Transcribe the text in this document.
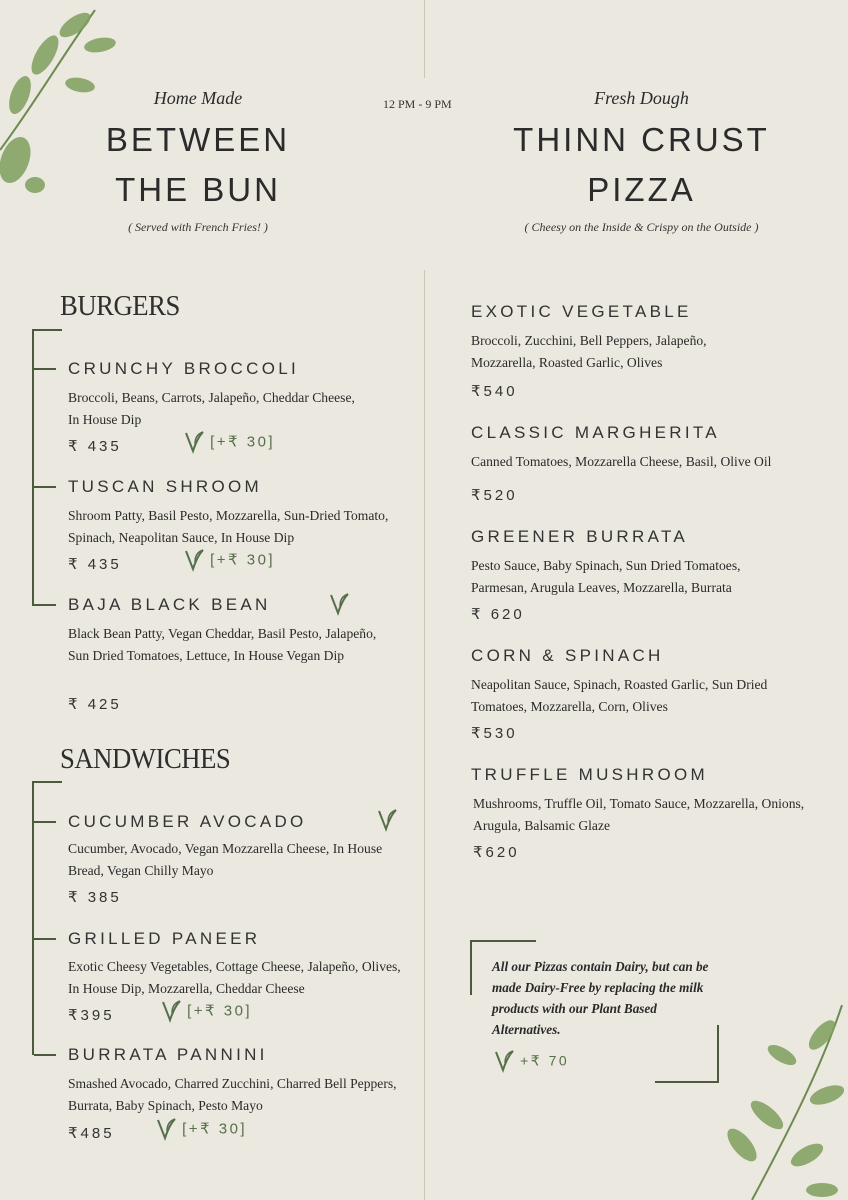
Home Made
BETWEEN
THE BUN
( Served with French Fries! )
12 PM - 9 PM	Fresh Dough
THINN CRUST
PIZZA
( Cheesy on the Inside & Crispy on the Outside )
BURGERS
CRUNCHY BROCCOLI
Broccoli, Beans, Carrots, Jalapeño, Cheddar Cheese, In House Dip
₹ 435	[+₹ 30]
TUSCAN SHROOM
Shroom Patty, Basil Pesto, Mozzarella, Sun-Dried Tomato, Spinach, Neapolitan Sauce, In House Dip
₹ 435	[+₹ 30]
BAJA BLACK BEAN
Black Bean Patty, Vegan Cheddar, Basil Pesto, Jalapeño, Sun Dried Tomatoes, Lettuce, In House Vegan Dip
₹ 425
SANDWICHES
CUCUMBER AVOCADO
Cucumber, Avocado, Vegan Mozzarella Cheese, In House Bread, Vegan Chilly Mayo
₹ 385
GRILLED PANEER
Exotic Cheesy Vegetables, Cottage Cheese, Jalapeño, Olives, In House Dip, Mozzarella, Cheddar Cheese
₹395	[+₹ 30]
BURRATA PANNINI
Smashed Avocado, Charred Zucchini, Charred Bell Peppers, Burrata, Baby Spinach, Pesto Mayo
₹485	[+₹ 30]
EXOTIC VEGETABLE
Broccoli, Zucchini, Bell Peppers, Jalapeño, Mozzarella, Roasted Garlic, Olives
₹540
CLASSIC MARGHERITA
Canned Tomatoes, Mozzarella Cheese, Basil, Olive Oil
₹520
GREENER BURRATA
Pesto Sauce, Baby Spinach, Sun Dried Tomatoes, Parmesan, Arugula Leaves, Mozzarella, Burrata
₹ 620
CORN & SPINACH
Neapolitan Sauce, Spinach, Roasted Garlic, Sun Dried Tomatoes, Mozzarella, Corn, Olives
₹530
TRUFFLE MUSHROOM
Mushrooms, Truffle Oil, Tomato Sauce, Mozzarella, Onions, Arugula, Balsamic Glaze
₹620
All our Pizzas contain Dairy, but can be made Dairy-Free by replacing the milk products with our Plant Based Alternatives.
+₹ 70
